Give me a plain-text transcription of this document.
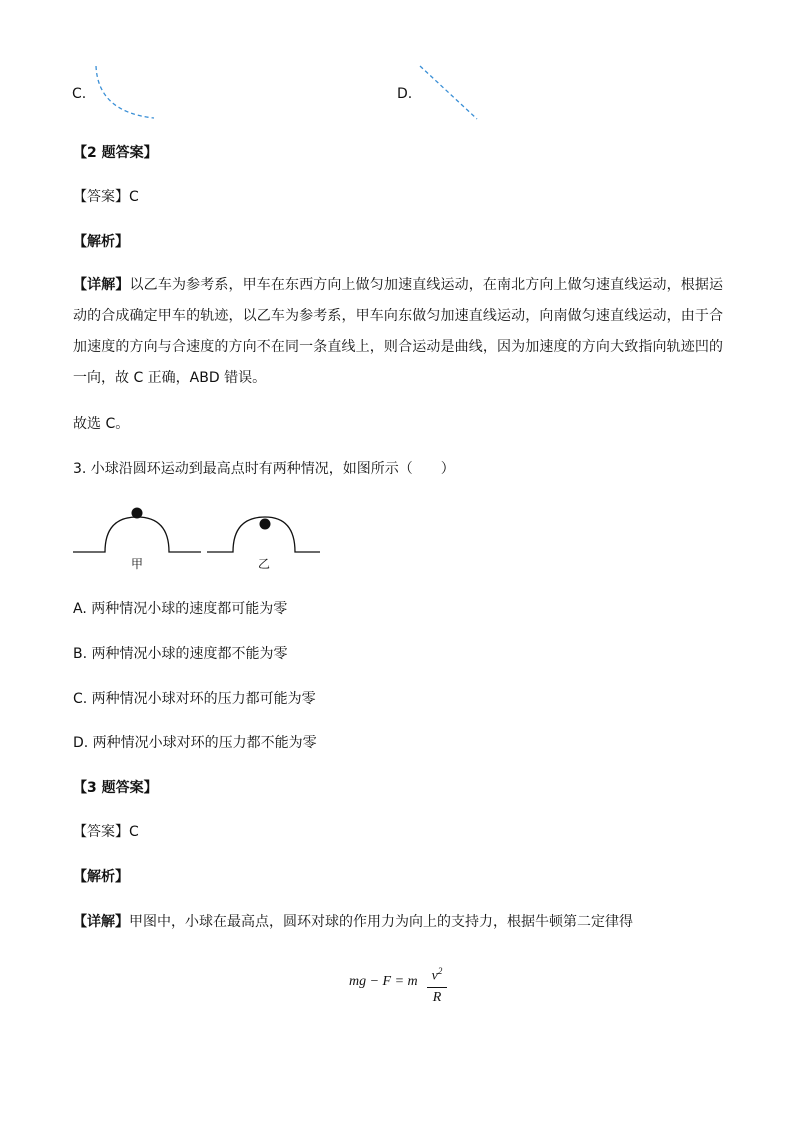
C.	D.
【2 题答案】
【答案】C
【解析】
【详解】以乙车为参考系，甲车在东西方向上做匀加速直线运动，在南北方向上做匀速直线运动，根据运动的合成确定甲车的轨迹，以乙车为参考系，甲车向东做匀加速直线运动，向南做匀速直线运动，由于合加速度的方向与合速度的方向不在同一条直线上，则合运动是曲线，因为加速度的方向大致指向轨迹凹的一向，故 C 正确，ABD 错误。
故选 C。
3. 小球沿圆环运动到最高点时有两种情况，如图所示（　　）
甲	乙
A. 两种情况小球的速度都可能为零
B. 两种情况小球的速度都不能为零
C. 两种情况小球对环的压力都可能为零
D. 两种情况小球对环的压力都不能为零
【3 题答案】
【答案】C
【解析】
【详解】甲图中，小球在最高点，圆环对球的作用力为向上的支持力，根据牛顿第二定律得
mg − F = m $v^2$
R
